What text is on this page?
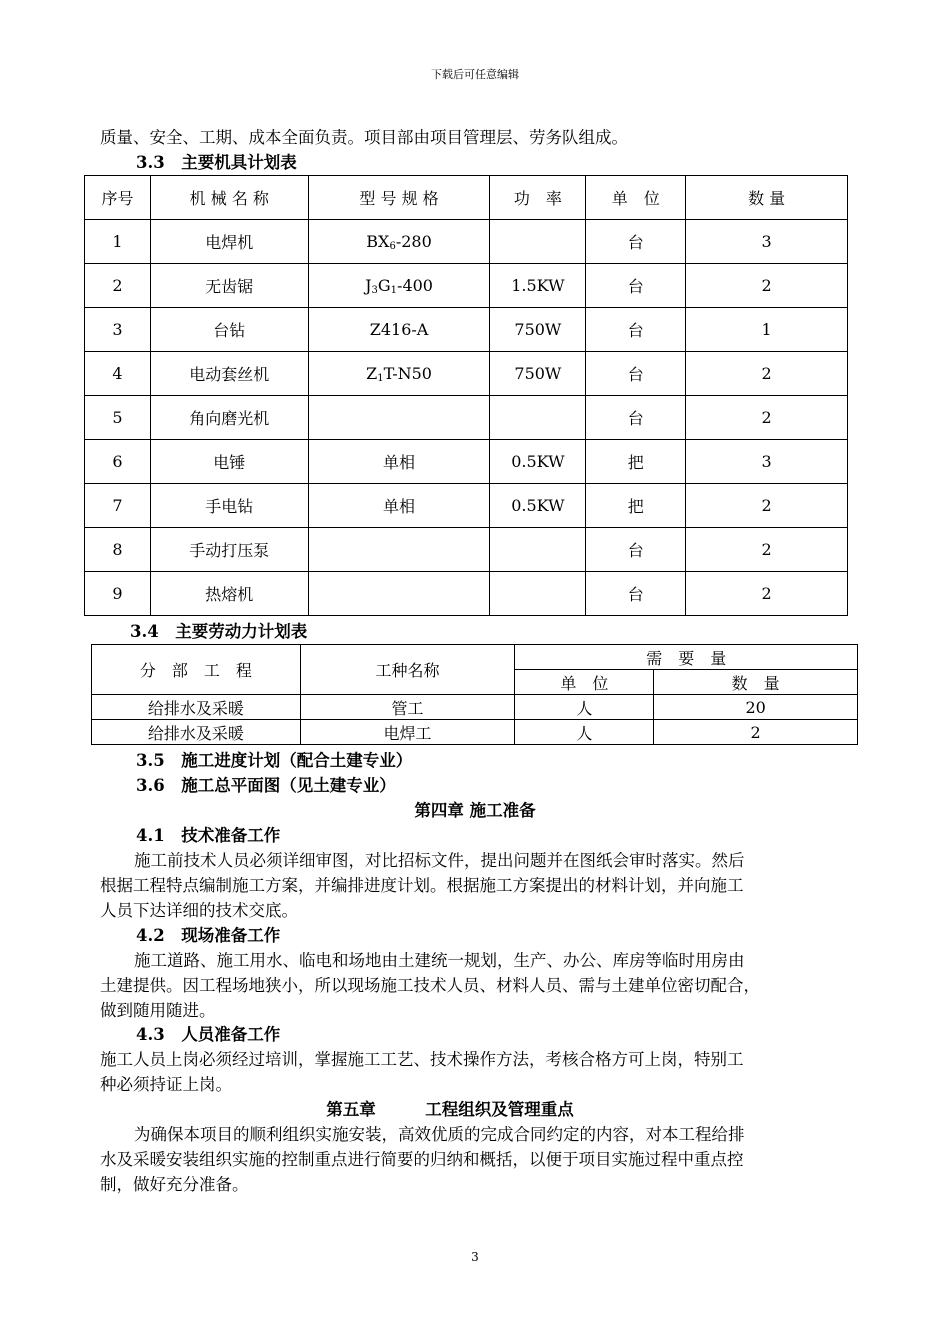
下载后可任意编辑
质量、安全、工期、成本全面负责。项目部由项目管理层、劳务队组成。
3.3　主要机具计划表
序号	机 械 名 称	型 号 规 格	功　率	单　位	数 量
1	电焊机	$BX_6-280$		台	3
2	无齿锯	$J_3G_1-400$	1.5KW	台	2
3	台钻	Z416-A	750W	台	1
4	电动套丝机	$Z_1T-N50$	750W	台	2
5	角向磨光机			台	2
6	电锤	单相	0.5KW	把	3
7	手电钻	单相	0.5KW	把	2
8	手动打压泵			台	2
9	热熔机			台	2
3.4　主要劳动力计划表
分　部　工　程	工种名称	需　要　量	
		单　位	数　量
给排水及采暖	管工	人	20
给排水及采暖	电焊工	人	2
3.5　施工进度计划（配合土建专业）
3.6　施工总平面图（见土建专业）
第四章 施工准备
4.1　技术准备工作
施工前技术人员必须详细审图，对比招标文件，提出问题并在图纸会审时落实。然后
根据工程特点编制施工方案，并编排进度计划。根据施工方案提出的材料计划，并向施工
人员下达详细的技术交底。
4.2　现场准备工作
施工道路、施工用水、临电和场地由土建统一规划，生产、办公、库房等临时用房由
土建提供。因工程场地狭小，所以现场施工技术人员、材料人员、需与土建单位密切配合，
做到随用随进。
4.3　人员准备工作
施工人员上岗必须经过培训，掌握施工工艺、技术操作方法，考核合格方可上岗，特别工
种必须持证上岗。
第五章　　　工程组织及管理重点
为确保本项目的顺利组织实施安装，高效优质的完成合同约定的内容，对本工程给排
水及采暖安装组织实施的控制重点进行简要的归纳和概括，以便于项目实施过程中重点控
制，做好充分准备。
3
